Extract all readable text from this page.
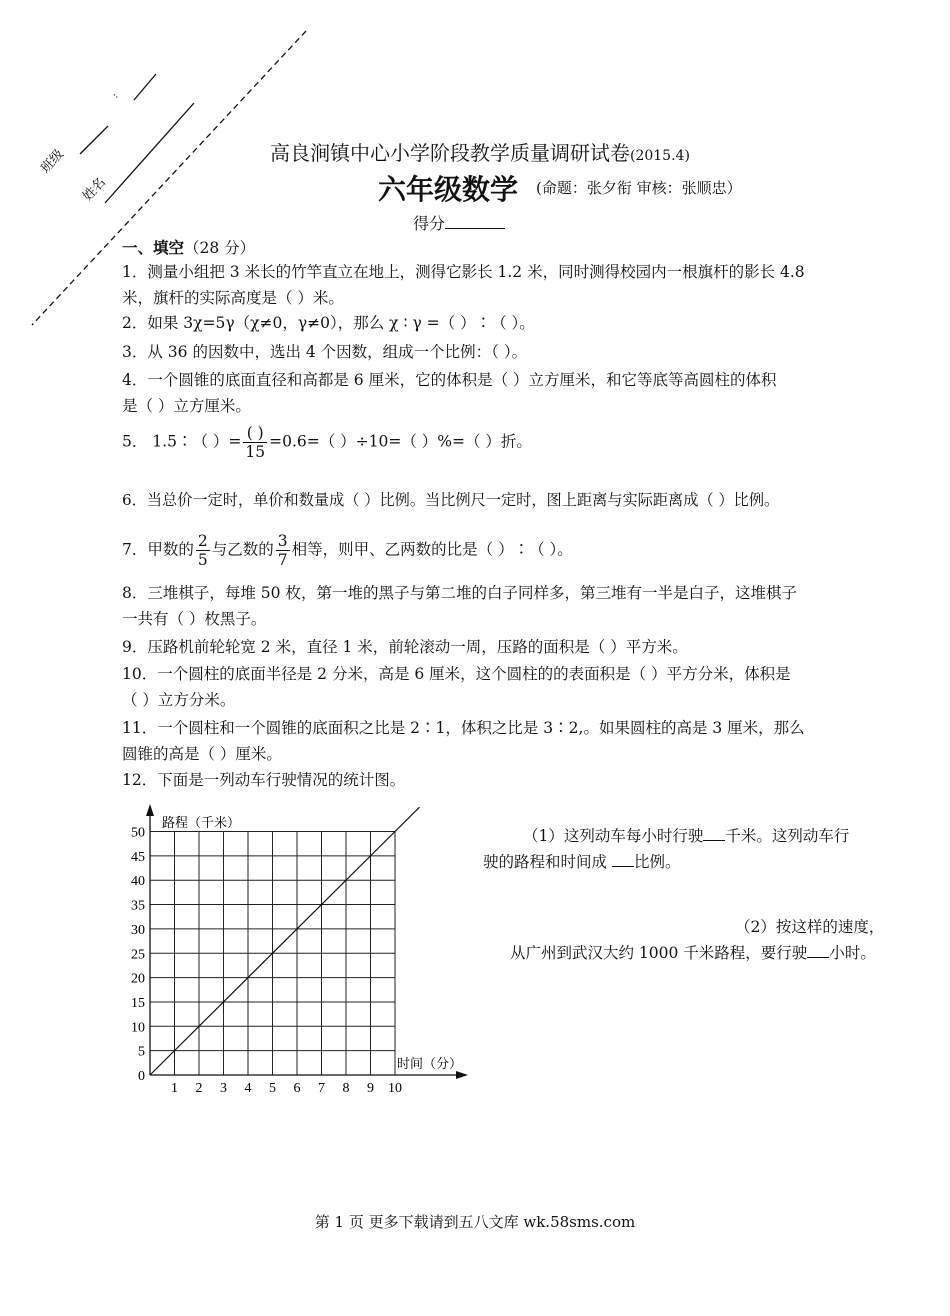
班级
姓名
:
高良涧镇中心小学阶段教学质量调研试卷(2015.4)
六年级数学 (命题：张夕衔 审核：张顺忠）
得分
一、填空（28 分）
1．测量小组把 3 米长的竹竿直立在地上，测得它影长 1.2 米，同时测得校园内一根旗杆的影长 4.8
米，旗杆的实际高度是（ ）米。
2．如果 3χ=5γ（χ≠0，γ≠0），那么 χ ∶ γ =（ ）∶（ ）。
3．从 36 的因数中，选出 4 个因数，组成一个比例：（ ）。
4．一个圆锥的底面直径和高都是 6 厘米，它的体积是（ ）立方厘米，和它等底等高圆柱的体积
是（ ）立方厘米。
5． 1.5∶（ ）= $\frac{( )}{15} =0.6=$（ ）÷10=（ ）%=（ ）折。
6．当总价一定时，单价和数量成（ ）比例。当比例尺一定时，图上距离与实际距离成（ ）比例。
7．甲数的 $\frac{2}{5}$ 与乙数的 $\frac{3}{7}$ 相等，则甲、乙两数的比是（ ）∶（ ）。
8．三堆棋子，每堆 50 枚，第一堆的黑子与第二堆的白子同样多，第三堆有一半是白子，这堆棋子
一共有（ ）枚黑子。
9．压路机前轮轮宽 2 米，直径 1 米，前轮滚动一周，压路的面积是（ ）平方米。
10．一个圆柱的底面半径是 2 分米，高是 6 厘米，这个圆柱的的表面积是（ ）平方分米，体积是
（ ）立方分米。
11．一个圆柱和一个圆锥的底面积之比是 2∶1，体积之比是 3∶2,。如果圆柱的高是 3 厘米，那么
圆锥的高是（ ）厘米。
12．下面是一列动车行驶情况的统计图。
1 2 3 4 5 6 7 8 9 10
0
5
10
15
20
25
30
35
40
45
50
路程（千米）
时间（分）
（1）这列动车每小时行驶 千米。这列动车行
驶的路程和时间成 比例。
（2）按这样的速度，
从广州到武汉大约 1000 千米路程，要行驶 小时。
第 1 页 更多下载请到五八文库 wk.58sms.com
